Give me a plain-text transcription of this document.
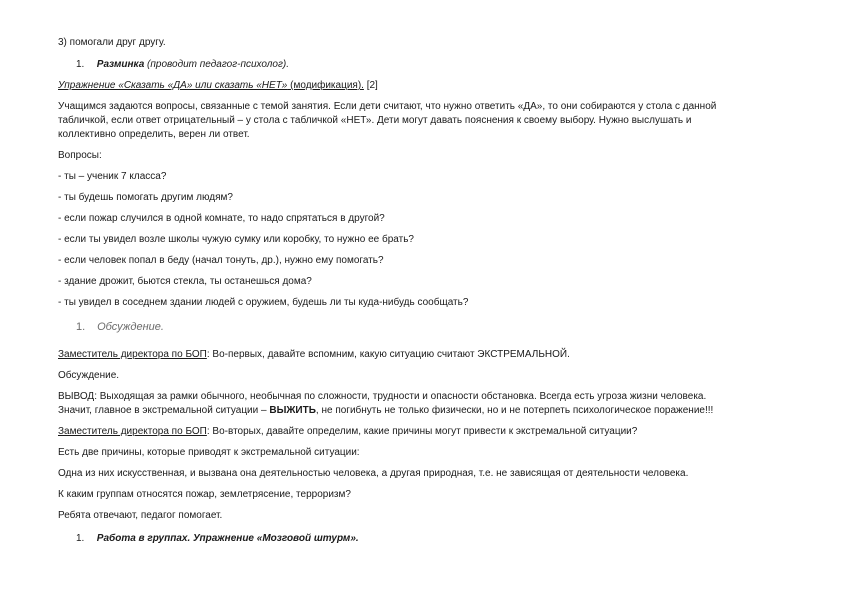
3) помогали друг другу.
1. Разминка (проводит педагог-психолог).
Упражнение «Сказать «ДА» или сказать «НЕТ» (модификация). [2]
Учащимся задаются вопросы, связанные с темой занятия. Если дети считают, что нужно ответить «ДА», то они собираются у стола с данной
табличкой, если ответ отрицательный – у стола с табличкой «НЕТ». Дети могут давать пояснения к своему выбору. Нужно выслушать и
коллективно определить, верен ли ответ.
Вопросы:
- ты – ученик 7 класса?
- ты будешь помогать другим людям?
- если пожар случился в одной комнате, то надо спрятаться в другой?
- если ты увидел возле школы чужую сумку или коробку, то нужно ее брать?
- если человек попал в беду (начал тонуть, др.), нужно ему помогать?
- здание дрожит, бьются стекла, ты останешься дома?
- ты увидел в соседнем здании людей с оружием, будешь ли ты куда-нибудь сообщать?
1. Обсуждение.
Заместитель директора по БОП: Во-первых, давайте вспомним, какую ситуацию считают ЭКСТРЕМАЛЬНОЙ.
Обсуждение.
ВЫВОД: Выходящая за рамки обычного, необычная по сложности, трудности и опасности обстановка. Всегда есть угроза жизни человека.
Значит, главное в экстремальной ситуации – ВЫЖИТЬ, не погибнуть не только физически, но и не потерпеть психологическое поражение!!!
Заместитель директора по БОП: Во-вторых, давайте определим, какие причины могут привести к экстремальной ситуации?
Есть две причины, которые приводят к экстремальной ситуации:
Одна из них искусственная, и вызвана она деятельностью человека, а другая природная, т.е. не зависящая от деятельности человека.
К каким группам относятся пожар, землетрясение, терроризм?
Ребята отвечают, педагог помогает.
1. Работа в группах. Упражнение «Мозговой штурм».
